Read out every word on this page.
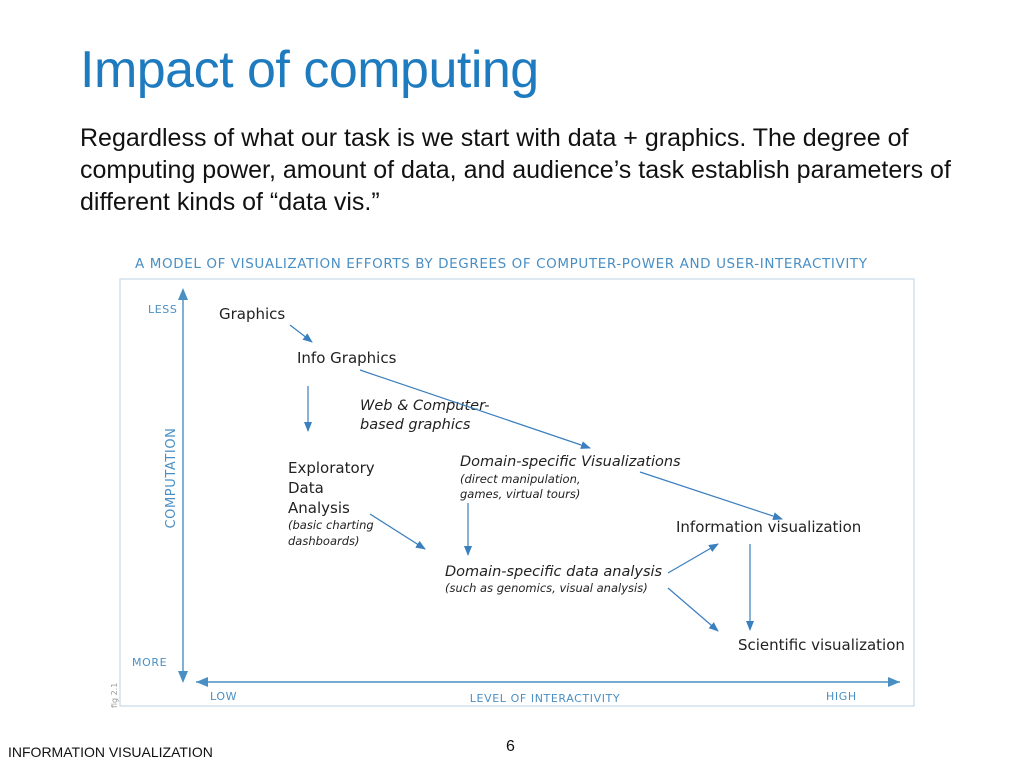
Impact of computing
Regardless of what our task is we start with data + graphics. The degree of computing power, amount of data, and audience’s task establish parameters of different kinds of “data vis.”
A MODEL OF VISUALIZATION EFFORTS BY DEGREES OF COMPUTER-POWER AND USER-INTERACTIVITY
LESS
MORE
COMPUTATION
LOW	LEVEL OF INTERACTIVITY	HIGH
fig 2.1
Graphics
Info Graphics
Web & Computer- based graphics
Exploratory Data Analysis
(basic charting dashboards)
Domain-specific Visualizations
(direct manipulation, games, virtual tours)
Information visualization
Domain-specific data analysis
(such as genomics, visual analysis)
Scientific visualization
INFORMATION VISUALIZATION	6
